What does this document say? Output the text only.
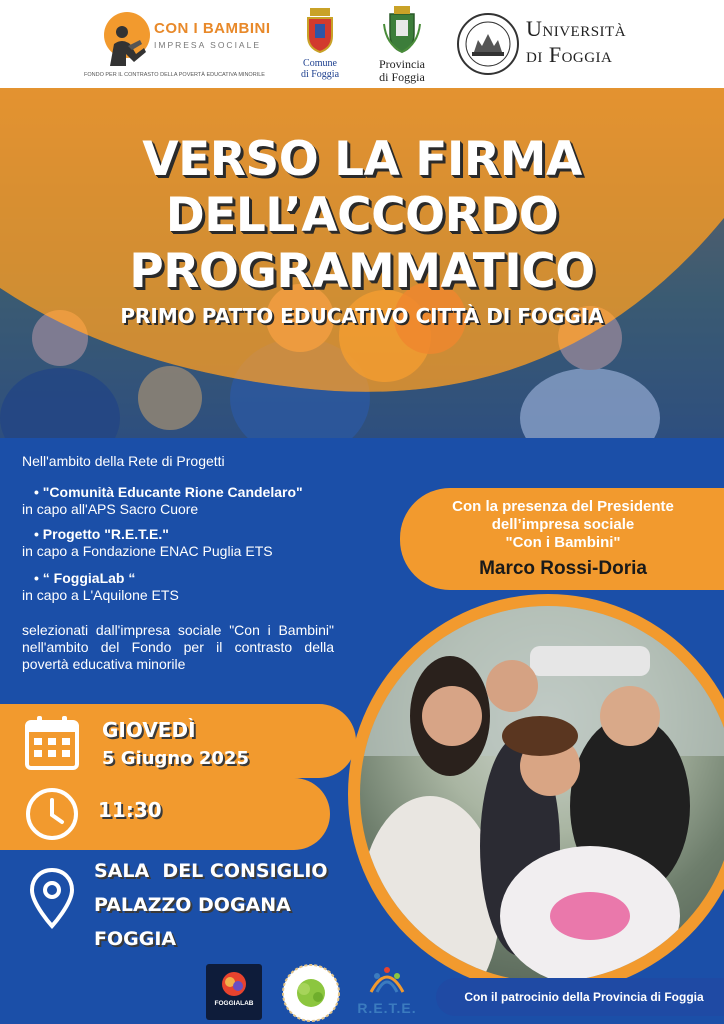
CON I BAMBINI
IMPRESA SOCIALE
FONDO PER IL CONTRASTO DELLA POVERTÀ EDUCATIVA MINORILE
Comune
di Foggia
Provincia
di Foggia
Università
di Foggia
VERSO LA FIRMA
DELL’ACCORDO
PROGRAMMATICO
PRIMO PATTO EDUCATIVO CITTÀ DI FOGGIA
Nell'ambito della Rete di Progetti
• "Comunità Educante Rione Candelaro"
in capo all'APS Sacro Cuore
• Progetto "R.E.T.E."
in capo a Fondazione ENAC Puglia ETS
• “ FoggiaLab “
in capo a L'Aquilone ETS
selezionati dall'impresa sociale "Con i Bambini" nell'ambito del Fondo per il contrasto della povertà educativa minorile
Con la presenza del Presidente
dell’impresa sociale
"Con i Bambini"
Marco Rossi-Doria
GIOVEDÌ
5 Giugno 2025
11:30
SALA  DEL CONSIGLIO
PALAZZO DOGANA
FOGGIA
FOGGIALAB	R.E.T.E.
Con il patrocinio della Provincia di Foggia
